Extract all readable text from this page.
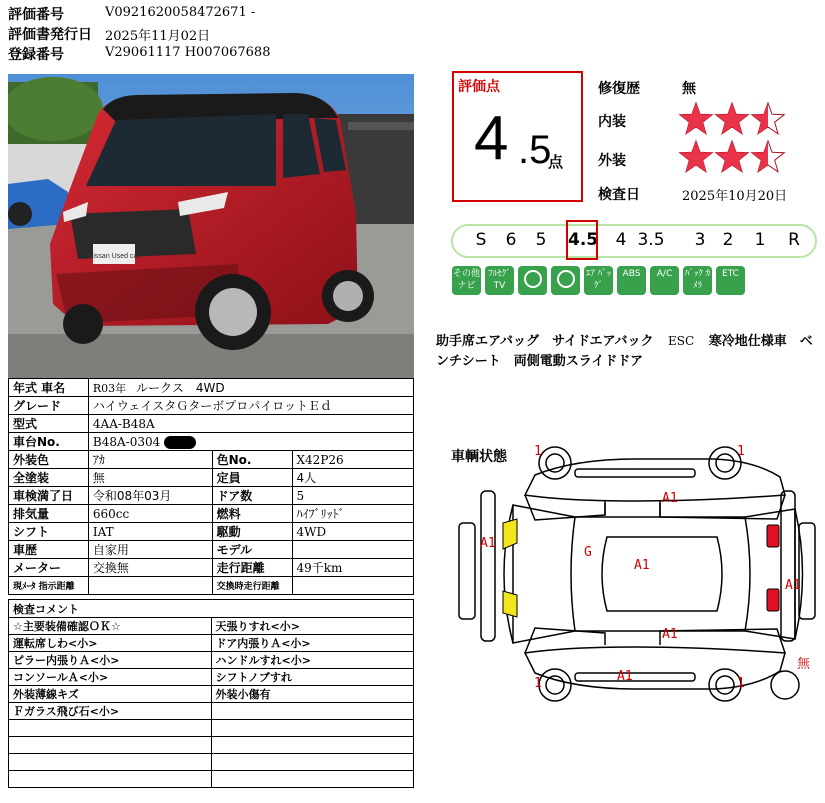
評価番号	V0921620058472671 -
評価書発行日 2025年11月02日
登録番号	V29061117 H007067688
Nissan Used car
年式 車名	R03年 ルークス　4WD		
グレード	ハイウェイスタＧターボプロパイロットＥｄ		
型式	4AA-B48A		
車台No.	B48A-0304		
外装色	ｱｶ	色No.	X42P26
全塗装	無	定員	4人
車検満了日	令和08年03月	ドア数	5
排気量	660cc	燃料	ﾊｲﾌﾞﾘｯﾄﾞ
シフト	IAT	駆動	4WD
車歴	自家用	モデル	
メーター	交換無	走行距離	49千km
現ﾒｰﾀ 指示距離		交換時走行距離	
検査コメント	
☆主要装備確認ＯＫ☆	天張りすれ<小>
運転席しわ<小>	ドア内張りＡ<小>
ピラー内張りＡ<小>	ハンドルすれ<小>
コンソールＡ<小>	シフトノブすれ
外装薄線キズ	外装小傷有
Ｆガラス飛び石<小>	

評価点
4 .5
点
修復歴	無
内装
外装
検査日	2025年10月20日
S	6	5	4.5	4 3.5	3	2	1	R
その他 ナビ
ﾌﾙｾｸﾞ TV
ｴｱ ﾊﾞｯｸﾞ
ABS	A/C	ﾊﾞｯｸ ｶﾒﾗ
ETC
助手席エアバッグ　サイドエアバック ESC 寒冷地仕様車　ベ
ンチシート　両側電動スライドドア
車輌状態 1	1
A1
A1
G
A1
A1
A1
1	A1	1
無
